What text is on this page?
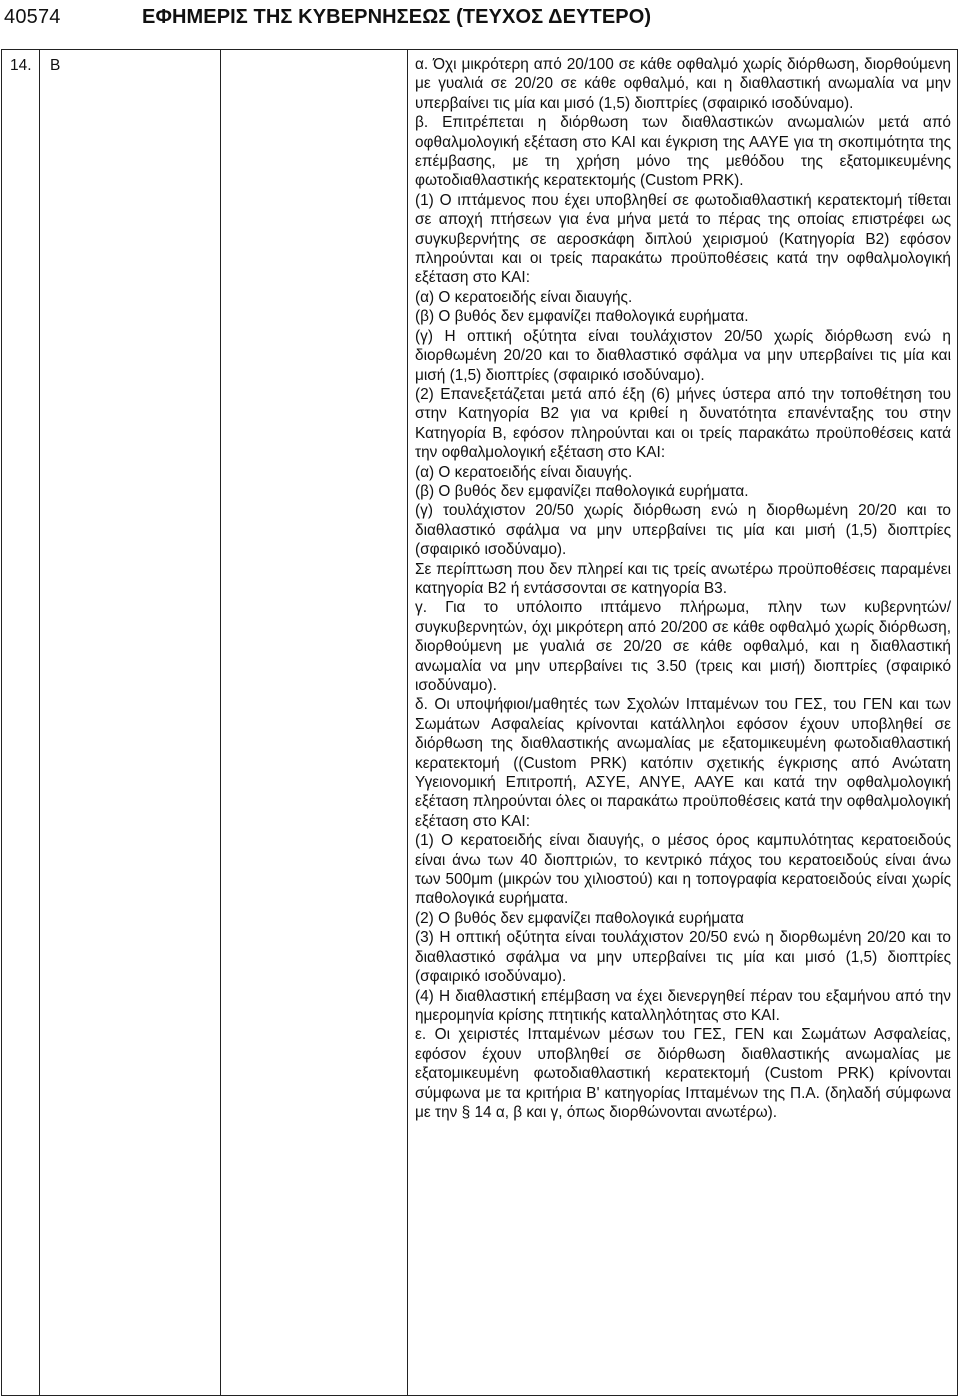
40574	ΕΦΗΜΕΡΙΣ ΤΗΣ ΚΥΒΕΡΝΗΣΕΩΣ (ΤΕΥΧΟΣ ΔΕΥΤΕΡΟ)
14. Β	α. Όχι μικρότερη από 20/100 σε κάθε οφθαλμό χωρίς διόρθωση, διορθούμενη με γυαλιά σε 20/20 σε κάθε οφθαλμό, και η διαθλαστική ανωμαλία να μην υπερβαίνει τις μία και μισό (1,5) διοπτρίες (σφαιρικό ισοδύναμο).

β. Επιτρέπεται η διόρθωση των διαθλαστικών ανωμαλιών μετά από οφθαλμολογική εξέταση στο ΚΑΙ και έγκριση της ΑΑΥΕ για τη σκοπιμότητα της επέμβασης, με τη χρήση μόνο της μεθόδου της εξατομικευμένης φωτοδιαθλαστικής κερατεκτομής (Custom PRK).

(1) Ο ιπτάμενος που έχει υποβληθεί σε φωτοδιαθλαστική κερατεκτομή τίθεται σε αποχή πτήσεων για ένα μήνα μετά το πέρας της οποίας επιστρέφει ως συγκυβερνήτης σε αεροσκάφη διπλού χειρισμού (Κατηγορία Β2) εφόσον πληρούνται και οι τρείς παρακάτω προϋποθέσεις κατά την οφθαλμολογική εξέταση στο ΚΑΙ:

(α) Ο κερατοειδής είναι διαυγής.

(β) Ο βυθός δεν εμφανίζει παθολογικά ευρήματα.

(γ) Η οπτική οξύτητα είναι τουλάχιστον 20/50 χωρίς διόρθωση ενώ η διορθωμένη 20/20 και το διαθλαστικό σφάλμα να μην υπερβαίνει τις μία και μισή (1,5) διοπτρίες (σφαιρικό ισοδύναμο).

(2) Επανεξετάζεται μετά από έξη (6) μήνες ύστερα από την τοποθέτηση του στην Κατηγορία Β2 για να κριθεί η δυνατότητα επανένταξης του στην Κατηγορία Β, εφόσον πληρούνται και οι τρείς παρακάτω προϋποθέσεις κατά την οφθαλμολογική εξέταση στο ΚΑΙ:

(α) Ο κερατοειδής είναι διαυγής.

(β) Ο βυθός δεν εμφανίζει παθολογικά ευρήματα.

(γ) τουλάχιστον 20/50 χωρίς διόρθωση ενώ η διορθωμένη 20/20 και το διαθλαστικό σφάλμα να μην υπερβαίνει τις μία και μισή (1,5) διοπτρίες (σφαιρικό ισοδύναμο).

Σε περίπτωση που δεν πληρεί και τις τρείς ανωτέρω προϋποθέσεις παραμένει κατηγορία Β2 ή εντάσσονται σε κατηγορία Β3.

γ. Για το υπόλοιπο ιπτάμενο πλήρωμα, πλην των κυβερνητών/ συγκυβερνητών, όχι μικρότερη από 20/200 σε κάθε οφθαλμό χωρίς διόρθωση, διορθούμενη με γυαλιά σε 20/20 σε κάθε οφθαλμό, και η διαθλαστική ανωμαλία να μην υπερβαίνει τις 3.50 (τρεις και μισή) διοπτρίες (σφαιρικό ισοδύναμο).

δ. Οι υποψήφιοι/μαθητές των Σχολών Ιπταμένων του ΓΕΣ, του ΓΕΝ και των Σωμάτων Ασφαλείας κρίνονται κατάλληλοι εφόσον έχουν υποβληθεί σε διόρθωση της διαθλαστικής ανωμαλίας με εξατομικευμένη φωτοδιαθλαστική κερατεκτομή ((Custom PRK) κατόπιν σχετικής έγκρισης από Ανώτατη Υγειονομική Επιτροπή, ΑΣΥΕ, ΑΝΥΕ, ΑΑΥΕ και κατά την οφθαλμολογική εξέταση πληρούνται όλες οι παρακάτω προϋποθέσεις κατά την οφθαλμολογική εξέταση στο ΚΑΙ:

(1) Ο κερατοειδής είναι διαυγής, ο μέσος όρος καμπυλότητας κερατοειδούς είναι άνω των 40 διοπτριών, το κεντρικό πάχος του κερατοειδούς είναι άνω των 500μm (μικρών του χιλιοστού) και η τοπογραφία κερατοειδούς είναι χωρίς παθολογικά ευρήματα.

(2) Ο βυθός δεν εμφανίζει παθολογικά ευρήματα

(3) Η οπτική οξύτητα είναι τουλάχιστον 20/50 ενώ η διορθωμένη 20/20 και το διαθλαστικό σφάλμα να μην υπερβαίνει τις μία και μισό (1,5) διοπτρίες (σφαιρικό ισοδύναμο).

(4) Η διαθλαστική επέμβαση να έχει διενεργηθεί πέραν του εξαμήνου από την ημερομηνία κρίσης πτητικής καταλληλότητας στο ΚΑΙ.

ε. Οι χειριστές Ιπταμένων μέσων του ΓΕΣ, ΓΕΝ και Σωμάτων Ασφαλείας, εφόσον έχουν υποβληθεί σε διόρθωση διαθλαστικής ανωμαλίας με εξατομικευμένη φωτοδιαθλαστική κερατεκτομή (Custom PRK) κρίνονται σύμφωνα με τα κριτήρια Β' κατηγορίας Ιπταμένων της Π.Α. (δηλαδή σύμφωνα με την § 14 α, β και γ, όπως διορθώνονται ανωτέρω).
